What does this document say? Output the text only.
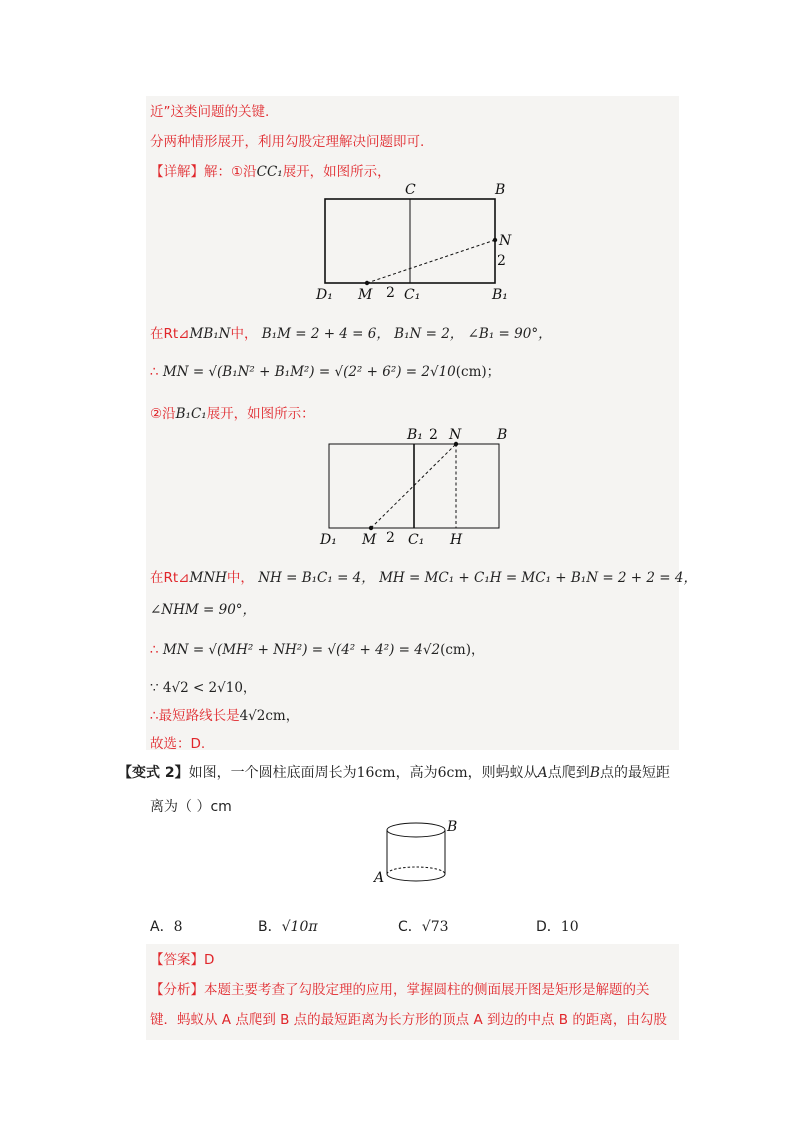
近”这类问题的关键.
分两种情形展开，利用勾股定理解决问题即可.
【详解】解：①沿CC₁展开，如图所示，
C	B
N
2
D₁ M 2 C₁	B₁
在Rt⊿MB₁N中， B₁M = 2 + 4 = 6， B₁N = 2， ∠B₁ = 90°，
∴ MN = √(B₁N² + B₁M²) = √(2² + 6²) = 2√10(cm)；
②沿B₁C₁展开，如图所示：
B₁ 2 N	B
D₁ M 2 C₁ H
在Rt⊿MNH中， NH = B₁C₁ = 4， MH = MC₁ + C₁H = MC₁ + B₁N = 2 + 2 = 4，
∠NHM = 90°，
∴ MN = √(MH² + NH²) = √(4² + 4²) = 4√2(cm)，
∵ 4√2 < 2√10，
∴最短路线长是4√2cm，
故选：D.
【变式 2】如图，一个圆柱底面周长为16cm，高为6cm，则蚂蚁从A点爬到B点的最短距
离为（ ）cm
B
A
A．8	B．√10π	C．√73	D．10
【答案】D
【分析】本题主要考查了勾股定理的应用，掌握圆柱的侧面展开图是矩形是解题的关
键．蚂蚁从 A 点爬到 B 点的最短距离为长方形的顶点 A 到边的中点 B 的距离，由勾股
